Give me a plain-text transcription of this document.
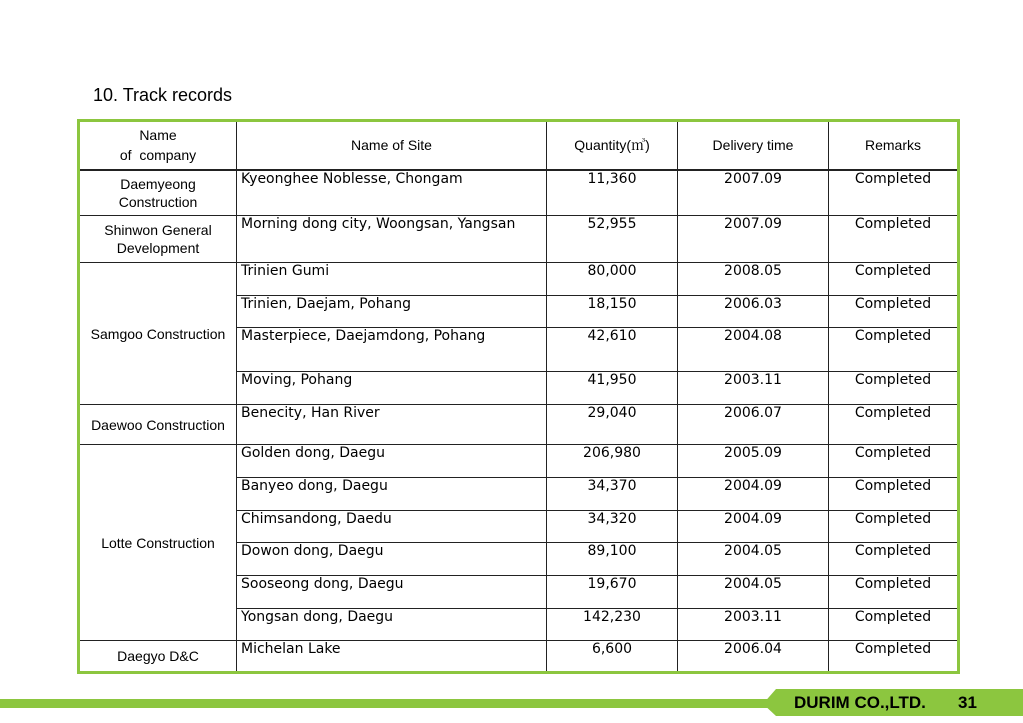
10. Track records
Name
of  company	Name of Site	Quantity(㎥)	Delivery time	Remarks
Daemyeong Construction	Kyeonghee Noblesse, Chongam	11,360	2007.09	Completed
Shinwon General Development	Morning dong city, Woongsan, Yangsan	52,955	2007.09	Completed
Samgoo Construction	Trinien Gumi	80,000	2008.05	Completed
	Trinien, Daejam, Pohang	18,150	2006.03	Completed
	Masterpiece, Daejamdong, Pohang	42,610	2004.08	Completed
	Moving, Pohang	41,950	2003.11	Completed
Daewoo Construction	Benecity, Han River	29,040	2006.07	Completed
Lotte Construction	Golden dong, Daegu	206,980	2005.09	Completed
	Banyeo dong, Daegu	34,370	2004.09	Completed
	Chimsandong, Daedu	34,320	2004.09	Completed
	Dowon dong, Daegu	89,100	2004.05	Completed
	Sooseong dong, Daegu	19,670	2004.05	Completed
	Yongsan dong, Daegu	142,230	2003.11	Completed
Daegyo D&C	Michelan Lake	6,600	2006.04	Completed
DURIM CO.,LTD. 31
